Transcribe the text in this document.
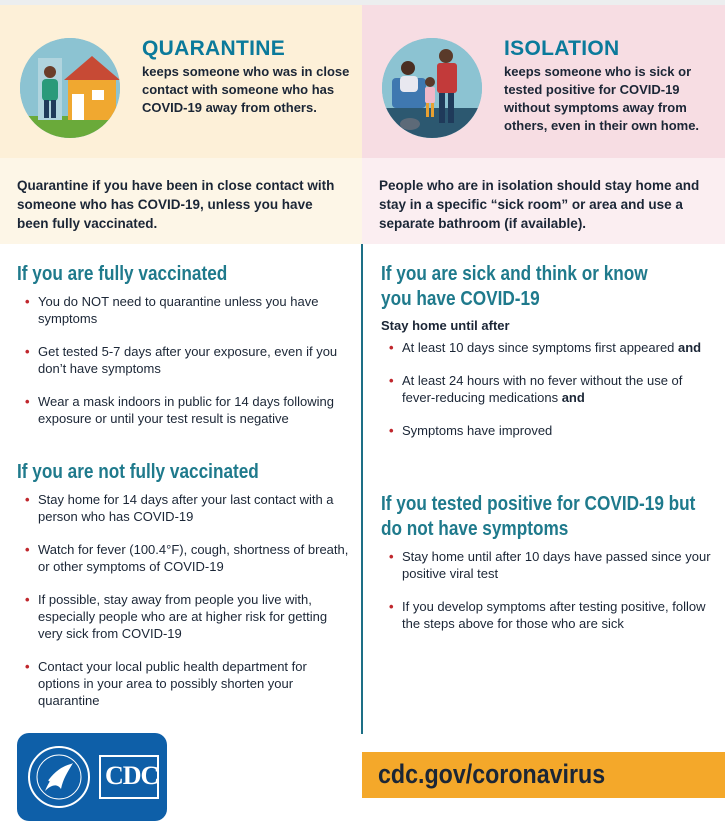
QUARANTINE

keeps someone who was in close contact with someone who has COVID-19 away from others.

Quarantine if you have been in close contact with someone who has COVID-19, unless you have been fully vaccinated.

If you are fully vaccinated
• You do NOT need to quarantine unless you have symptoms
• Get tested 5-7 days after your exposure, even if you don’t have symptoms
• Wear a mask indoors in public for 14 days following exposure or until your test result is negative
If you are not fully vaccinated
• Stay home for 14 days after your last contact with a person who has COVID-19
• Watch for fever (100.4°F), cough, shortness of breath, or other symptoms of COVID-19
• If possible, stay away from people you live with, especially people who are at higher risk for getting very sick from COVID-19
• Contact your local public health department for options in your area to possibly shorten your quarantine
ISOLATION

keeps someone who is sick or tested positive for COVID-19 without symptoms away from others, even in their own home.

People who are in isolation should stay home and stay in a specific “sick room” or area and use a separate bathroom (if available).

If you are sick and think or know
you have COVID-19
Stay home until after
• At least 10 days since symptoms first appeared and
• At least 24 hours with no fever without the use of fever-reducing medications and
• Symptoms have improved
If you tested positive for COVID-19 but
do not have symptoms
• Stay home until after 10 days have passed since your positive viral test
• If you develop symptoms after testing positive, follow the steps above for those who are sick
CDC	cdc.gov/coronavirus
